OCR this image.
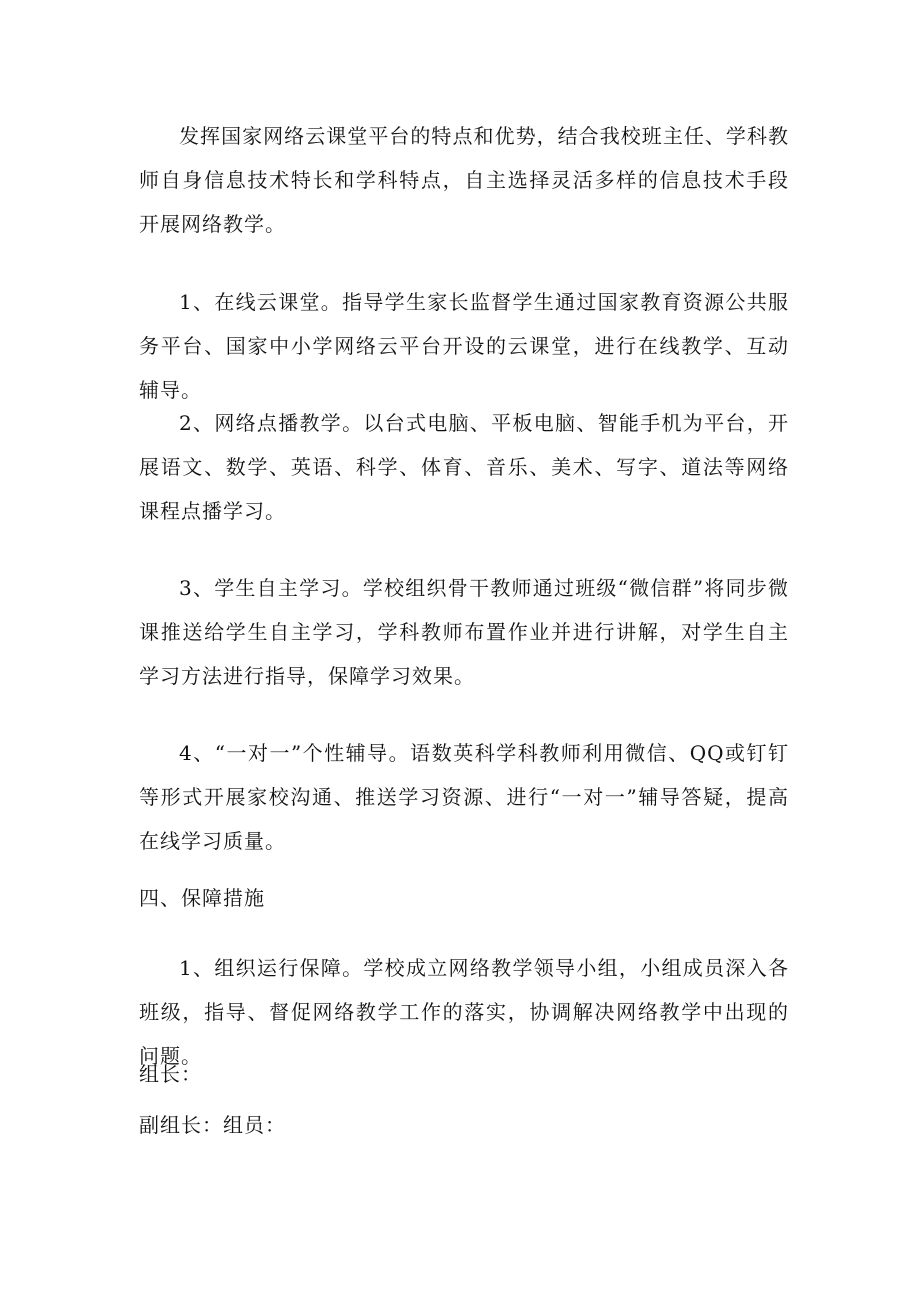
发挥国家网络云课堂平台的特点和优势，结合我校班主任、学科教师自身信息技术特长和学科特点，自主选择灵活多样的信息技术手段开展网络教学。

1、在线云课堂。指导学生家长监督学生通过国家教育资源公共服务平台、国家中小学网络云平台开设的云课堂，进行在线教学、互动辅导。

2、网络点播教学。以台式电脑、平板电脑、智能手机为平台，开展语文、数学、英语、科学、体育、音乐、美术、写字、道法等网络课程点播学习。

3、学生自主学习。学校组织骨干教师通过班级“微信群”将同步微课推送给学生自主学习，学科教师布置作业并进行讲解，对学生自主学习方法进行指导，保障学习效果。

4、“一对一”个性辅导。语数英科学科教师利用微信、QQ或钉钉等形式开展家校沟通、推送学习资源、进行“一对一”辅导答疑，提高在线学习质量。

四、保障措施

1、组织运行保障。学校成立网络教学领导小组，小组成员深入各班级，指导、督促网络教学工作的落实，协调解决网络教学中出现的问题。

组长：

副组长：组员：
